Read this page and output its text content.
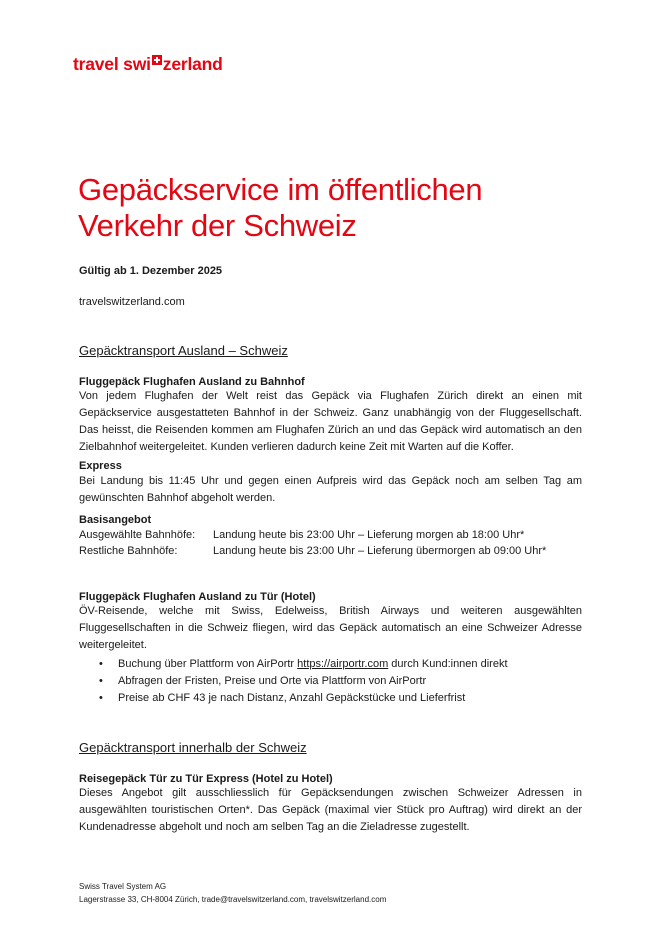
travel swi zerland
Gepäckservice im öffentlichen
Verkehr der Schweiz
Gültig ab 1. Dezember 2025
travelswitzerland.com
Gepäcktransport Ausland – Schweiz
Fluggepäck Flughafen Ausland zu Bahnhof

Von jedem Flughafen der Welt reist das Gepäck via Flughafen Zürich direkt an einen mit Gepäckservice ausgestatteten Bahnhof in der Schweiz. Ganz unabhängig von der Fluggesellschaft. Das heisst, die Reisenden kommen am Flughafen Zürich an und das Gepäck wird automatisch an den Zielbahnhof weitergeleitet. Kunden verlieren dadurch keine Zeit mit Warten auf die Koffer.

Express

Bei Landung bis 11:45 Uhr und gegen einen Aufpreis wird das Gepäck noch am selben Tag am gewünschten Bahnhof abgeholt werden.

Basisangebot
Ausgewählte Bahnhöfe: Landung heute bis 23:00 Uhr – Lieferung morgen ab 18:00 Uhr*
Restliche Bahnhöfe:	Landung heute bis 23:00 Uhr – Lieferung übermorgen ab 09:00 Uhr*
Fluggepäck Flughafen Ausland zu Tür (Hotel)

ÖV-Reisende, welche mit Swiss, Edelweiss, British Airways und weiteren ausgewählten Fluggesellschaften in die Schweiz fliegen, wird das Gepäck automatisch an eine Schweizer Adresse weitergeleitet.

• Buchung über Plattform von AirPortr https://airportr.com durch Kund:innen direkt
• Abfragen der Fristen, Preise und Orte via Plattform von AirPortr
• Preise ab CHF 43 je nach Distanz, Anzahl Gepäckstücke und Lieferfrist
Gepäcktransport innerhalb der Schweiz
Reisegepäck Tür zu Tür Express (Hotel zu Hotel)

Dieses Angebot gilt ausschliesslich für Gepäcksendungen zwischen Schweizer Adressen in ausgewählten touristischen Orten*. Das Gepäck (maximal vier Stück pro Auftrag) wird direkt an der Kundenadresse abgeholt und noch am selben Tag an die Zieladresse zugestellt.

Swiss Travel System AG
Lagerstrasse 33, CH-8004 Zürich, trade@travelswitzerland.com, travelswitzerland.com
